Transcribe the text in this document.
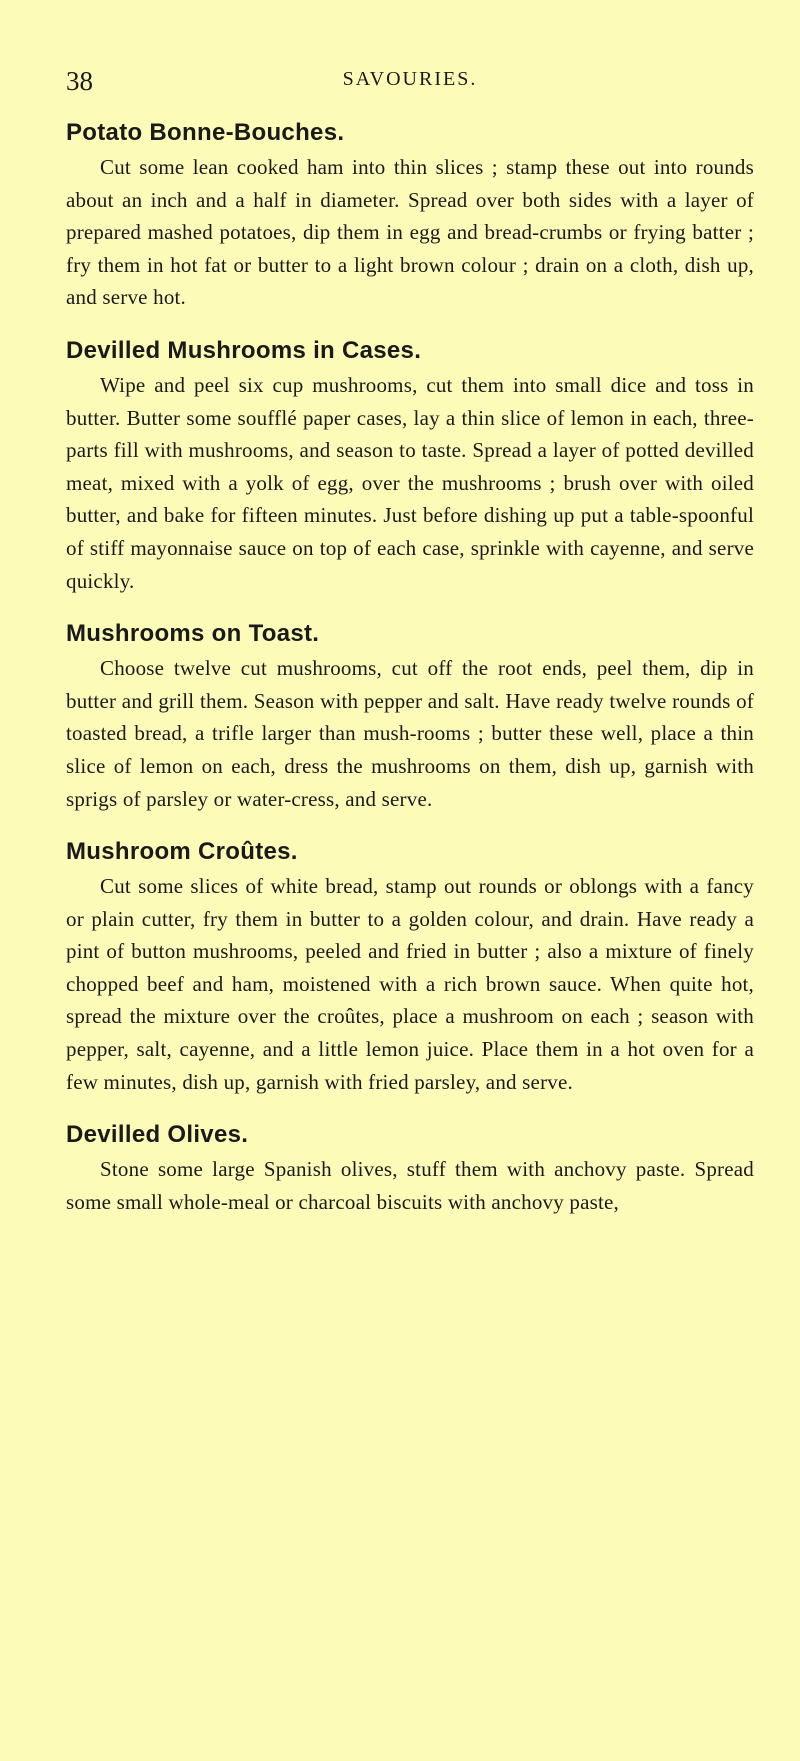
38	SAVOURIES.
Potato Bonne-Bouches.

Cut some lean cooked ham into thin slices ; stamp these out into rounds about an inch and a half in diameter. Spread over both sides with a layer of prepared mashed potatoes, dip them in egg and bread-crumbs or frying batter ; fry them in hot fat or butter to a light brown colour ; drain on a cloth, dish up, and serve hot.

Devilled Mushrooms in Cases.

Wipe and peel six cup mushrooms, cut them into small dice and toss in butter. Butter some soufflé paper cases, lay a thin slice of lemon in each, three-parts fill with mushrooms, and season to taste. Spread a layer of potted devilled meat, mixed with a yolk of egg, over the mushrooms ; brush over with oiled butter, and bake for fifteen minutes. Just before dishing up put a table-spoonful of stiff mayonnaise sauce on top of each case, sprinkle with cayenne, and serve quickly.

Mushrooms on Toast.

Choose twelve cut mushrooms, cut off the root ends, peel them, dip in butter and grill them. Season with pepper and salt. Have ready twelve rounds of toasted bread, a trifle larger than mush-rooms ; butter these well, place a thin slice of lemon on each, dress the mushrooms on them, dish up, garnish with sprigs of parsley or water-cress, and serve.

Mushroom Croûtes.

Cut some slices of white bread, stamp out rounds or oblongs with a fancy or plain cutter, fry them in butter to a golden colour, and drain. Have ready a pint of button mushrooms, peeled and fried in butter ; also a mixture of finely chopped beef and ham, moistened with a rich brown sauce. When quite hot, spread the mixture over the croûtes, place a mushroom on each ; season with pepper, salt, cayenne, and a little lemon juice. Place them in a hot oven for a few minutes, dish up, garnish with fried parsley, and serve.

Devilled Olives.

Stone some large Spanish olives, stuff them with anchovy paste. Spread some small whole-meal or charcoal biscuits with anchovy paste,
